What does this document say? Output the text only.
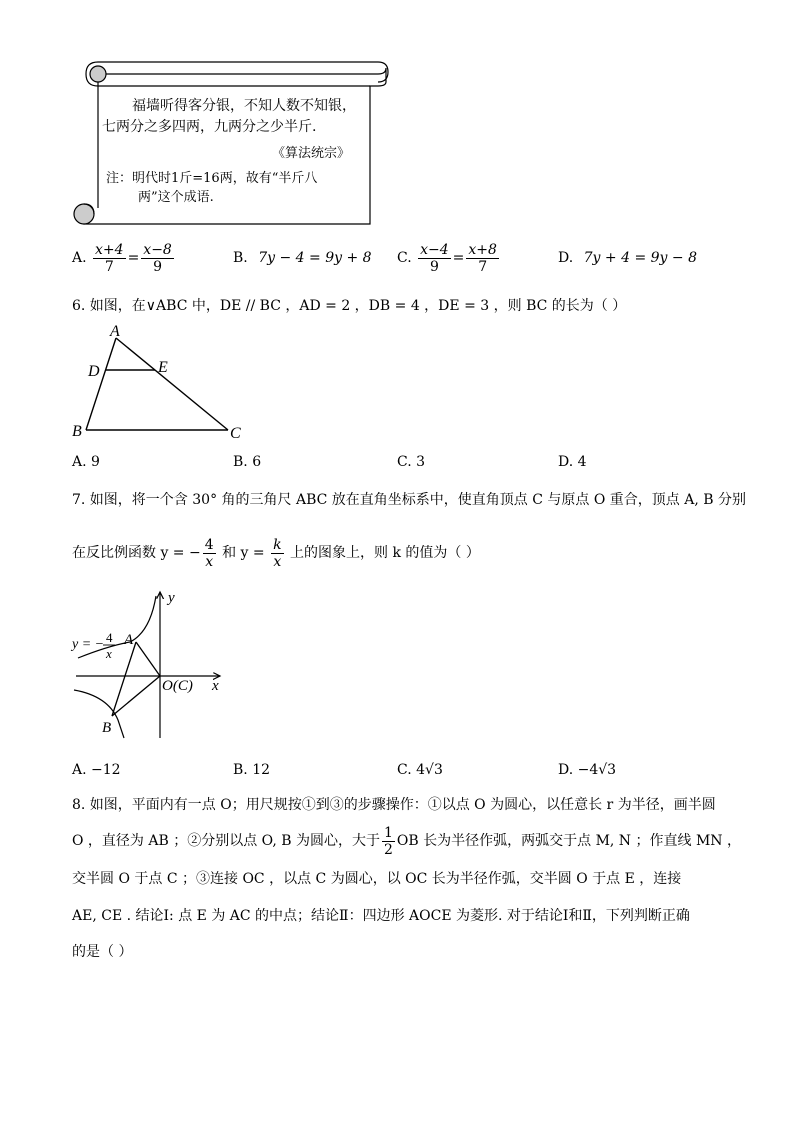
福墙听得客分银，不知人数不知银，
七两分之多四两，九两分之少半斤.
《算法统宗》
注：明代时1斤=16两，故有“半斤八
两”这个成语.
A. $\frac{x+4}{7} = \frac{x-8}{9}$	B. 7y − 4 = 9y + 8 C. $\frac{x-4}{9} = \frac{x+8}{7}$	D. 7y + 4 = 9y − 8
6. 如图，在∨ABC 中，DE // BC ，AD = 2 ，DB = 4 ，DE = 3 ，则 BC 的长为（ ）
A
D	E
B	C
A. 9	B. 6	C. 3	D. 4
7. 如图，将一个含 30° 角的三角尺 ABC 放在直角坐标系中，使直角顶点 C 与原点 O 重合，顶点 A, B 分别
在反比例函数 y = − $\frac{4}{x}$ 和 $y = \frac{k}{x}$ 上的图象上，则 k 的值为（ ）
y
x
O(C)
A
B
y = − 4
x
A. −12	B. 12	C. 4√3	D. −4√3
8. 如图，平面内有一点 O；用尺规按①到③的步骤操作：①以点 O 为圆心，以任意长 r 为半径，画半圆
O ，直径为 AB ；②分别以点 O, B 为圆心，大于 $\frac{1}{2}$ OB 长为半径作弧，两弧交于点 M, N ；作直线 MN ，
交半圆 O 于点 C ；③连接 OC ，以点 C 为圆心，以 OC 长为半径作弧，交半圆 O 于点 E ，连接
AE, CE . 结论Ⅰ: 点 E 为 AC 的中点；结论Ⅱ：四边形 AOCE 为菱形. 对于结论Ⅰ和Ⅱ，下列判断正确
的是（ ）
